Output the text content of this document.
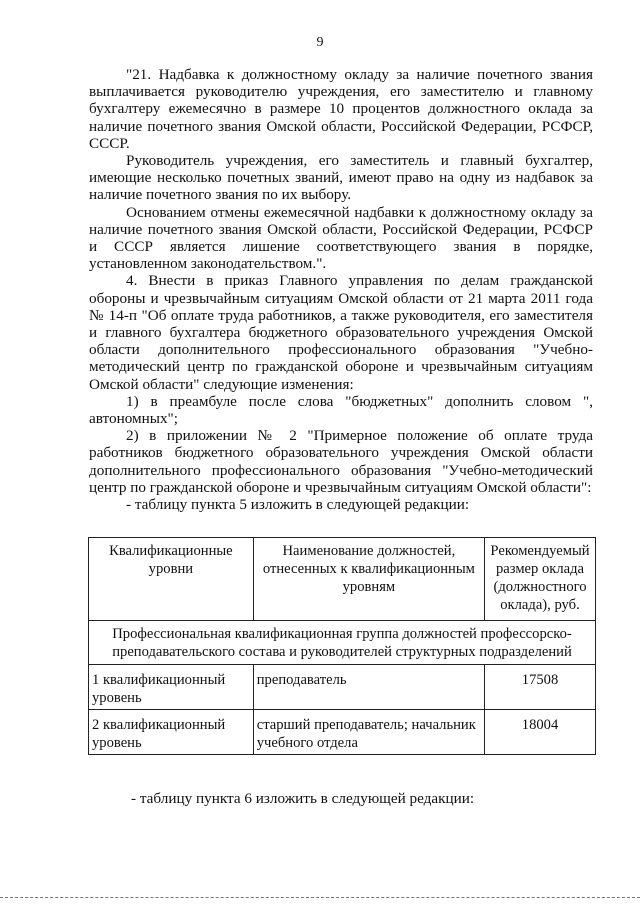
9

"21. Надбавка к должностному окладу за наличие почетного звания выплачивается руководителю учреждения, его заместителю и главному бухгалтеру ежемесячно в размере 10 процентов должностного оклада за наличие почетного звания Омской области, Российской Федерации, РСФСР, СССР.

Руководитель учреждения, его заместитель и главный бухгалтер, имеющие несколько почетных званий, имеют право на одну из надбавок за наличие почетного звания по их выбору.

Основанием отмены ежемесячной надбавки к должностному окладу за наличие почетного звания Омской области, Российской Федерации, РСФСР и СССР является лишение соответствующего звания в порядке, установленном законодательством.".

4. Внести в приказ Главного управления по делам гражданской обороны и чрезвычайным ситуациям Омской области от 21 марта 2011 года № 14-п "Об оплате труда работников, а также руководителя, его заместителя и главного бухгалтера бюджетного образовательного учреждения Омской области дополнительного профессионального образования "Учебно-методический центр по гражданской обороне и чрезвычайным ситуациям Омской области" следующие изменения:

1) в преамбуле после слова "бюджетных" дополнить словом ", автономных";

2) в приложении № 2 "Примерное положение об оплате труда работников бюджетного образовательного учреждения Омской области дополнительного профессионального образования "Учебно-методический центр по гражданской обороне и чрезвычайным ситуациям Омской области":

- таблицу пункта 5 изложить в следующей редакции:

Квалификационные уровни	Наименование должностей, отнесенных к квалификационным уровням	Рекомендуемый размер оклада (должностного оклада), руб.
Профессиональная квалификационная группа должностей профессорско-преподавательского состава и руководителей структурных подразделений		
1 квалификационный уровень	преподаватель	17508
2 квалификационный уровень	старший преподаватель; начальник учебного отдела	18004
- таблицу пункта 6 изложить в следующей редакции:
